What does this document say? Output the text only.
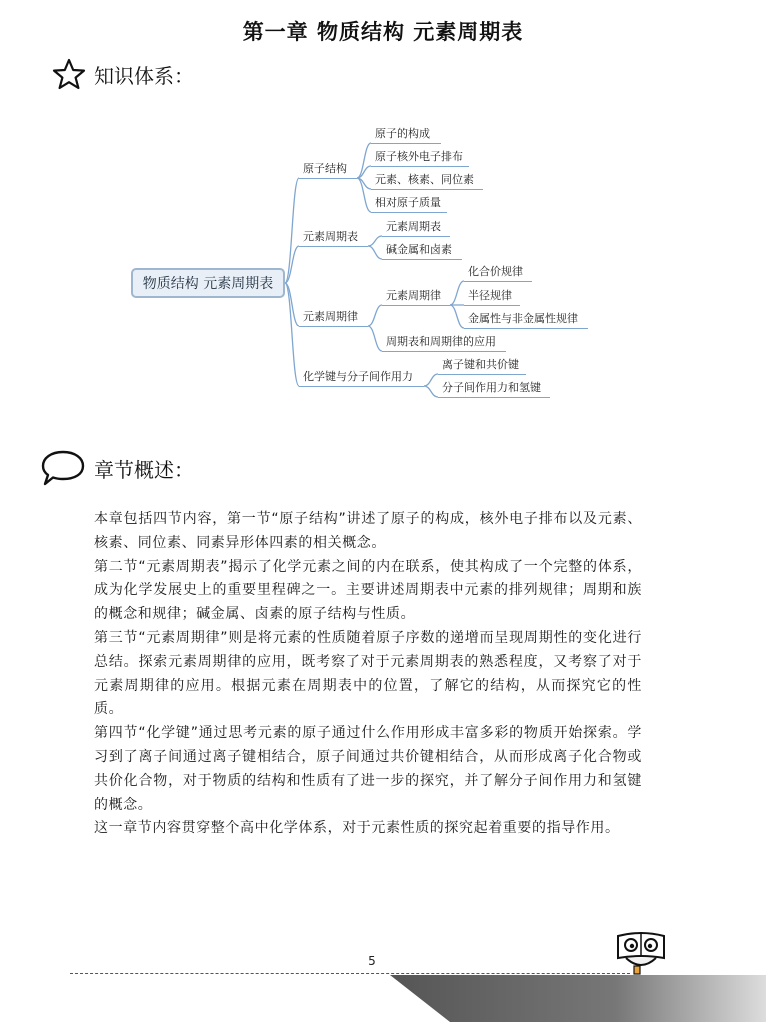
第一章 物质结构 元素周期表
知识体系：
物质结构 元素周期表
原子结构
原子的构成
原子核外电子排布
元素、核素、同位素
相对原子质量
元素周期表
元素周期表
碱金属和卤素
元素周期律
元素周期律
化合价规律
半径规律
金属性与非金属性规律
周期表和周期律的应用
化学键与分子间作用力
离子键和共价键
分子间作用力和氢键
章节概述：

本章包括四节内容，第一节“原子结构”讲述了原子的构成，核外电子排布以及元素、核素、同位素、同素异形体四素的相关概念。

第二节“元素周期表”揭示了化学元素之间的内在联系，使其构成了一个完整的体系，成为化学发展史上的重要里程碑之一。主要讲述周期表中元素的排列规律；周期和族的概念和规律；碱金属、卤素的原子结构与性质。

第三节“元素周期律”则是将元素的性质随着原子序数的递增而呈现周期性的变化进行总结。探索元素周期律的应用，既考察了对于元素周期表的熟悉程度，又考察了对于元素周期律的应用。根据元素在周期表中的位置，了解它的结构，从而探究它的性质。

第四节“化学键”通过思考元素的原子通过什么作用形成丰富多彩的物质开始探索。学习到了离子间通过离子键相结合，原子间通过共价键相结合，从而形成离子化合物或共价化合物，对于物质的结构和性质有了进一步的探究，并了解分子间作用力和氢键的概念。

这一章节内容贯穿整个高中化学体系，对于元素性质的探究起着重要的指导作用。

5
